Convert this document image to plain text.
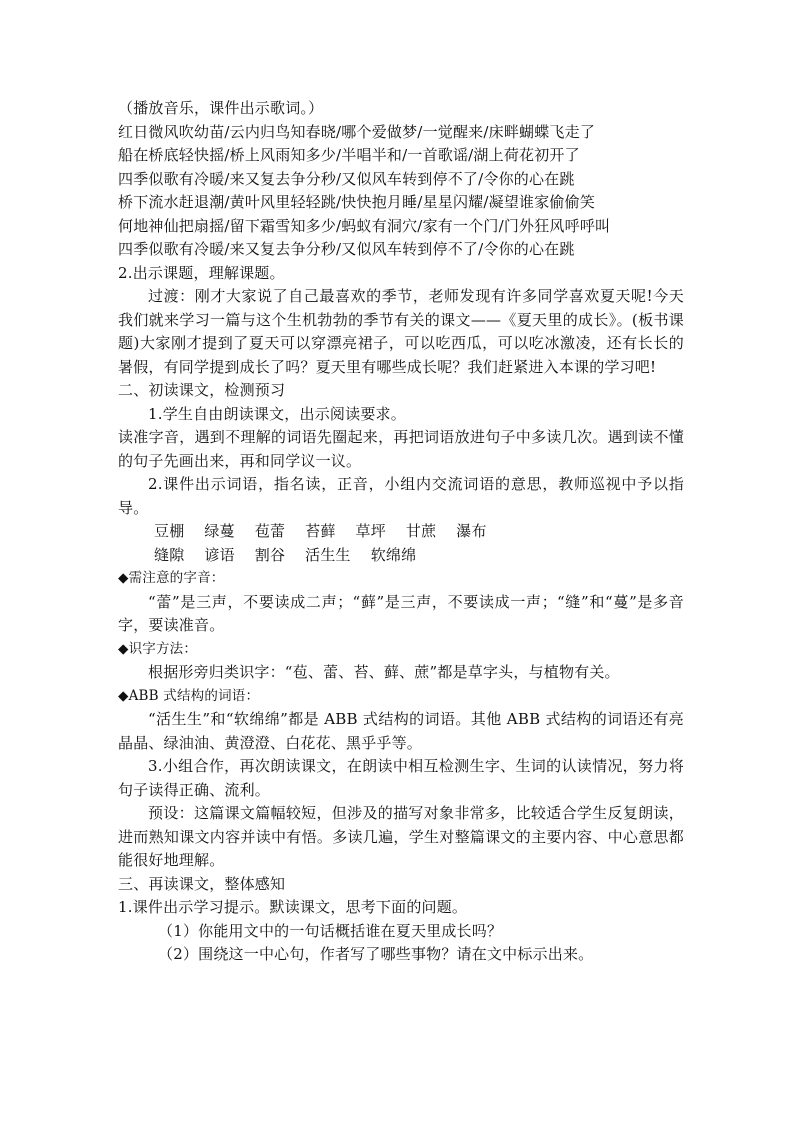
（播放音乐，课件出示歌词。）
红日微风吹幼苗/云内归鸟知春晓/哪个爱做梦/一觉醒来/床畔蝴蝶飞走了
船在桥底轻快摇/桥上风雨知多少/半唱半和/一首歌谣/湖上荷花初开了
四季似歌有冷暖/来又复去争分秒/又似风车转到停不了/令你的心在跳
桥下流水赶退潮/黄叶风里轻轻跳/快快抱月睡/星星闪耀/凝望谁家偷偷笑
何地神仙把扇摇/留下霜雪知多少/蚂蚁有洞穴/家有一个门/门外狂风呼呼叫
四季似歌有冷暖/来又复去争分秒/又似风车转到停不了/令你的心在跳
2.出示课题，理解课题。
过渡：刚才大家说了自己最喜欢的季节，老师发现有许多同学喜欢夏天呢!今天我们就来学习一篇与这个生机勃勃的季节有关的课文——《夏天里的成长》。(板书课题)大家刚才提到了夏天可以穿漂亮裙子，可以吃西瓜，可以吃冰激凌，还有长长的暑假，有同学提到成长了吗？夏天里有哪些成长呢？我们赶紧进入本课的学习吧!
二、初读课文，检测预习
1.学生自由朗读课文，出示阅读要求。
读准字音，遇到不理解的词语先圈起来，再把词语放进句子中多读几次。遇到读不懂的句子先画出来，再和同学议一议。
2.课件出示词语，指名读，正音，小组内交流词语的意思，教师巡视中予以指导。
豆棚 绿蔓 苞蕾 苔藓 草坪 甘蔗 瀑布
缝隙 谚语 割谷 活生生 软绵绵
◆需注意的字音：
“蕾”是三声，不要读成二声；“藓”是三声，不要读成一声；“缝”和“蔓”是多音字，要读准音。
◆识字方法：
根据形旁归类识字：“苞、蕾、苔、藓、蔗”都是草字头，与植物有关。
◆ABB 式结构的词语：
“活生生”和“软绵绵”都是 ABB 式结构的词语。其他 ABB 式结构的词语还有亮晶晶、绿油油、黄澄澄、白花花、黑乎乎等。
3.小组合作，再次朗读课文，在朗读中相互检测生字、生词的认读情况，努力将句子读得正确、流利。
预设：这篇课文篇幅较短，但涉及的描写对象非常多，比较适合学生反复朗读，进而熟知课文内容并读中有悟。多读几遍，学生对整篇课文的主要内容、中心意思都能很好地理解。
三、再读课文，整体感知
1.课件出示学习提示。默读课文，思考下面的问题。
（1）你能用文中的一句话概括谁在夏天里成长吗？
（2）围绕这一中心句，作者写了哪些事物？请在文中标示出来。
